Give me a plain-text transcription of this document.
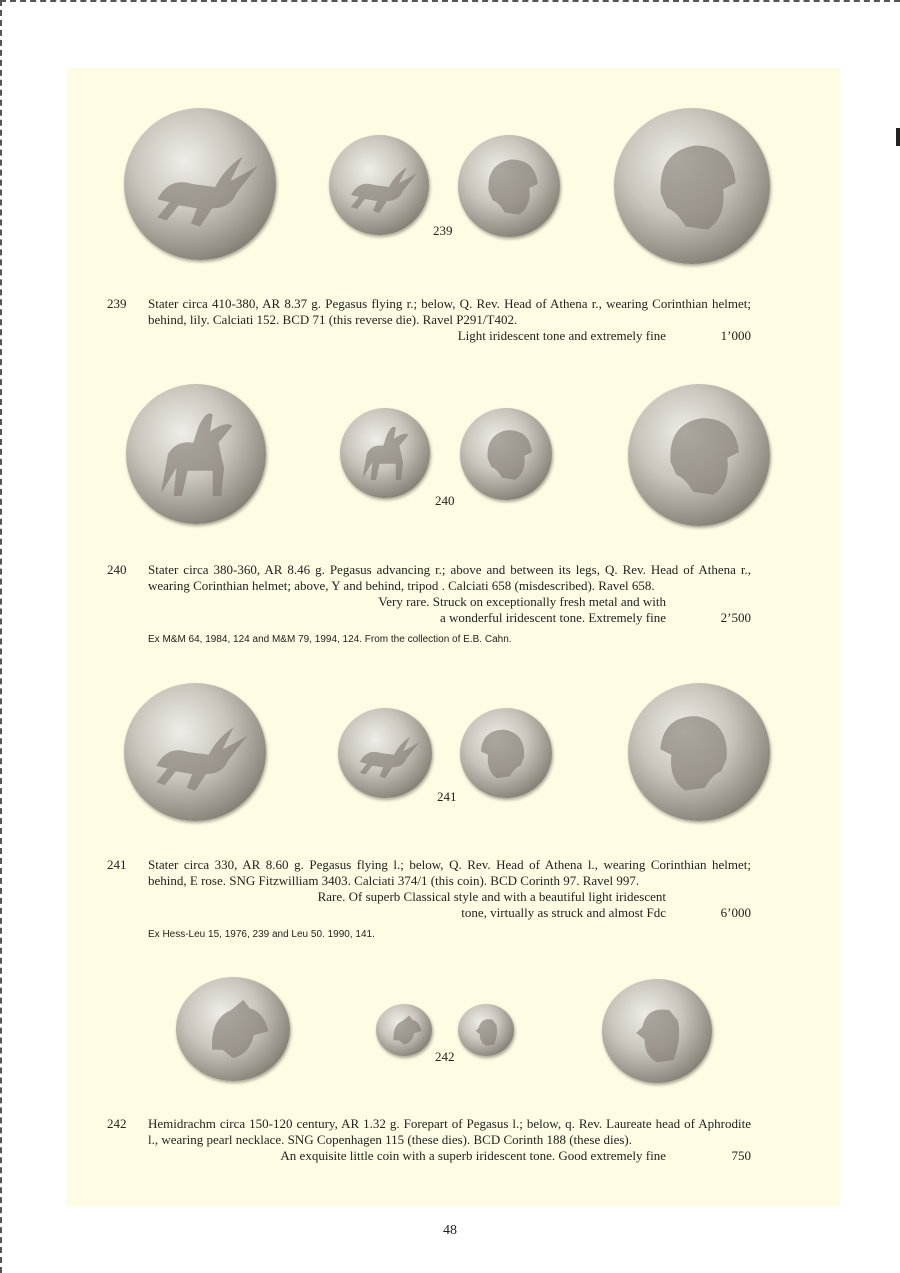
239
239 Stater circa 410-380, AR 8.37 g. Pegasus flying r.; below, Q. Rev. Head of Athena r., wearing Corinthian helmet; behind, lily. Calciati 152. BCD 71 (this reverse die). Ravel P291/T402.
Light iridescent tone and extremely fine	1’000
240
240 Stater circa 380-360, AR 8.46 g. Pegasus advancing r.; above and between its legs, Q. Rev. Head of Athena r., wearing Corinthian helmet; above, Y and behind, tripod . Calciati 658 (misdescribed). Ravel 658.
Very rare. Struck on exceptionally fresh metal and with
a wonderful iridescent tone. Extremely fine	2’500
Ex M&M 64, 1984, 124 and M&M 79, 1994, 124. From the collection of E.B. Cahn.
241
241 Stater circa 330, AR 8.60 g. Pegasus flying l.; below, Q. Rev. Head of Athena l., wearing Corinthian helmet; behind, E rose. SNG Fitzwilliam 3403. Calciati 374/1 (this coin). BCD Corinth 97. Ravel 997.
Rare. Of superb Classical style and with a beautiful light iridescent
tone, virtually as struck and almost Fdc	6’000
Ex Hess-Leu 15, 1976, 239 and Leu 50. 1990, 141.
242
242 Hemidrachm circa 150-120 century, AR 1.32 g. Forepart of Pegasus l.; below, q. Rev. Laureate head of Aphrodite l., wearing pearl necklace. SNG Copenhagen 115 (these dies). BCD Corinth 188 (these dies).
An exquisite little coin with a superb iridescent tone. Good extremely fine	750
48
